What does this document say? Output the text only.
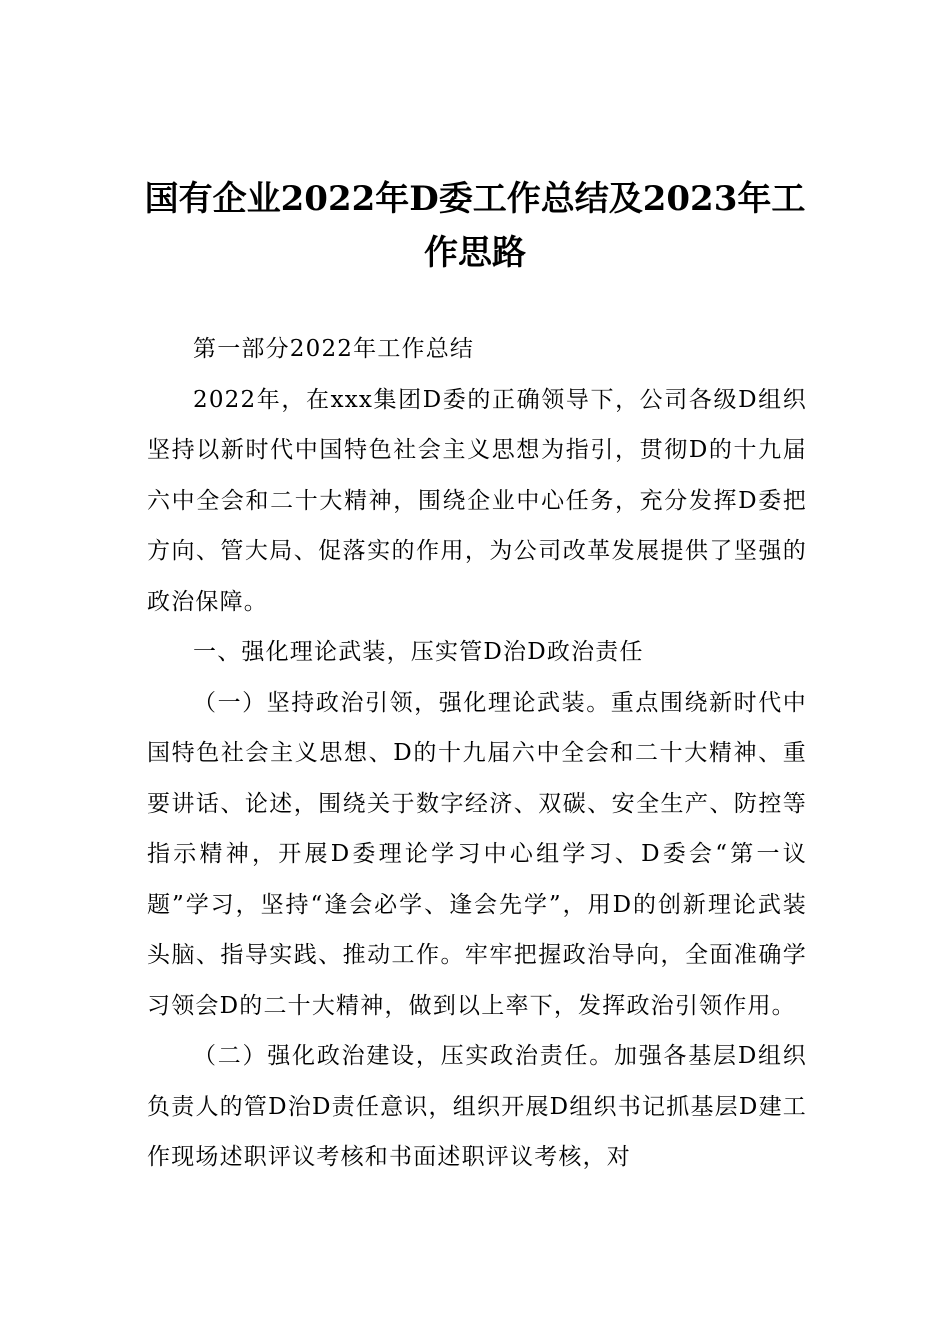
国有企业2022年D委工作总结及2023年工作思路

第一部分2022年工作总结

2022年，在xxx集团D委的正确领导下，公司各级D组织坚持以新时代中国特色社会主义思想为指引，贯彻D的十九届六中全会和二十大精神，围绕企业中心任务，充分发挥D委把方向、管大局、促落实的作用，为公司改革发展提供了坚强的政治保障。

一、强化理论武装，压实管D治D政治责任

（一）坚持政治引领，强化理论武装。重点围绕新时代中国特色社会主义思想、D的十九届六中全会和二十大精神、重要讲话、论述，围绕关于数字经济、双碳、安全生产、防控等指示精神，开展D委理论学习中心组学习、D委会“第一议题”学习，坚持“逢会必学、逢会先学”，用D的创新理论武装头脑、指导实践、推动工作。牢牢把握政治导向，全面准确学习领会D的二十大精神，做到以上率下，发挥政治引领作用。

（二）强化政治建设，压实政治责任。加强各基层D组织负责人的管D治D责任意识，组织开展D组织书记抓基层D建工作现场述职评议考核和书面述职评议考核，对
